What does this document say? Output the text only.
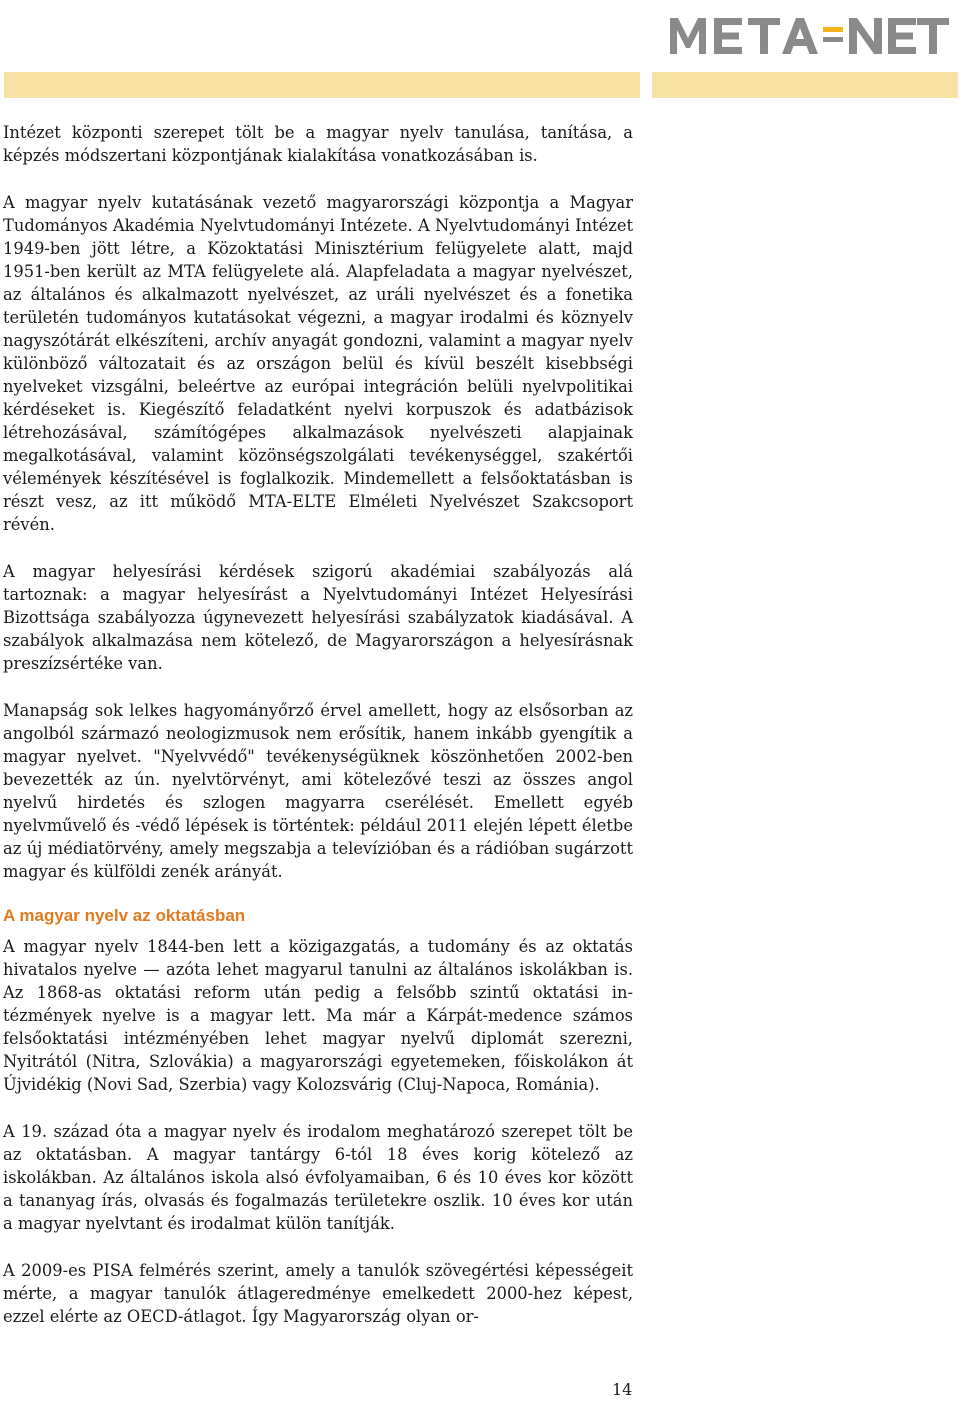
Intézet központi szerepet tölt be a magyar nyelv tanulása, tanítása, a képzés módszertani központjának kialakítása vonatkozásában is.

A magyar nyelv kutatásának vezető magyarországi központja a Magyar Tudományos Akadémia Nyelvtudományi Intézete. A Nyelvtudományi Intézet 1949-ben jött létre, a Közoktatási Minisztérium felügyelete alatt, majd 1951-ben került az MTA felügyelete alá. Alapfeladata a magyar nyelvészet, az általános és alkalmazott nyelvészet, az uráli nyelvészet és a fonetika területén tudományos kutatásokat végezni, a magyar irodalmi és köznyelv nagyszótárát elkészíteni, archív anyagát gondozni, valamint a magyar nyelv különböző változatait és az országon belül és kívül beszélt kisebbségi nyelveket vizsgálni, beleértve az európai integráción belüli nyelvpolitikai kérdéseket is. Kiegészítő feladatként nyelvi korpuszok és adatbázisok létrehozásával, számítógépes alkalmazások nyelvészeti alapjainak megalkotásával, valamint közönségszolgálati tevékenységgel, szakértői vélemények készítésével is foglalkozik. Mindemellett a felsőoktatásban is részt vesz, az itt működő MTA-ELTE Elméleti Nyelvészet Szakcsoport révén.

A magyar helyesírási kérdések szigorú akadémiai szabályozás alá tartoznak: a magyar helyesírást a Nyelvtudományi Intézet Helyesírási Bizottsága szabályozza úgynevezett helyesírási szabályzatok kiadásával. A szabályok alkalmazása nem kötelező, de Magyarországon a helyesírásnak preszízsértéke van.

Manapság sok lelkes hagyományőrző érvel amellett, hogy az elsősorban az angolból származó neologizmusok nem erősítik, hanem inkább gyengítik a magyar nyelvet. "Nyelvvédő" tevékenységüknek köszönhetően 2002-ben bevezették az ún. nyelvtörvényt, ami kötelezővé teszi az összes angol nyelvű hirdetés és szlogen magyarra cserélését. Emellett egyéb nyelvművelő és -védő lépések is történtek: például 2011 elején lépett életbe az új médiatörvény, amely megszabja a televízióban és a rádióban sugárzott magyar és külföldi zenék arányát.

A magyar nyelv az oktatásban

A magyar nyelv 1844-ben lett a közigazgatás, a tudomány és az oktatás hivatalos nyelve — azóta lehet magyarul tanulni az általános iskolákban is. Az 1868-as oktatási reform után pedig a felsőbb szintű oktatási intézmények nyelve is a magyar lett. Ma már a Kárpát-medence számos felsőoktatási intézményében lehet magyar nyelvű diplomát szerezni, Nyitrától (Nitra, Szlovákia) a magyarországi egyetemeken, főiskolákon át Újvidékig (Novi Sad, Szerbia) vagy Kolozsvárig (Cluj-Napoca, Románia).

A 19. század óta a magyar nyelv és irodalom meghatározó szerepet tölt be az oktatásban. A magyar tantárgy 6-tól 18 éves korig kötelező az iskolákban. Az általános iskola alsó évfolyamaiban, 6 és 10 éves kor között a tananyag írás, olvasás és fogalmazás területekre oszlik. 10 éves kor után a magyar nyelvtant és irodalmat külön tanítják.

A 2009-es PISA felmérés szerint, amely a tanulók szövegértési képességeit mérte, a magyar tanulók átlageredménye emelkedett 2000-hez képest, ezzel elérte az OECD-átlagot. Így Magyarország olyan or-

14
